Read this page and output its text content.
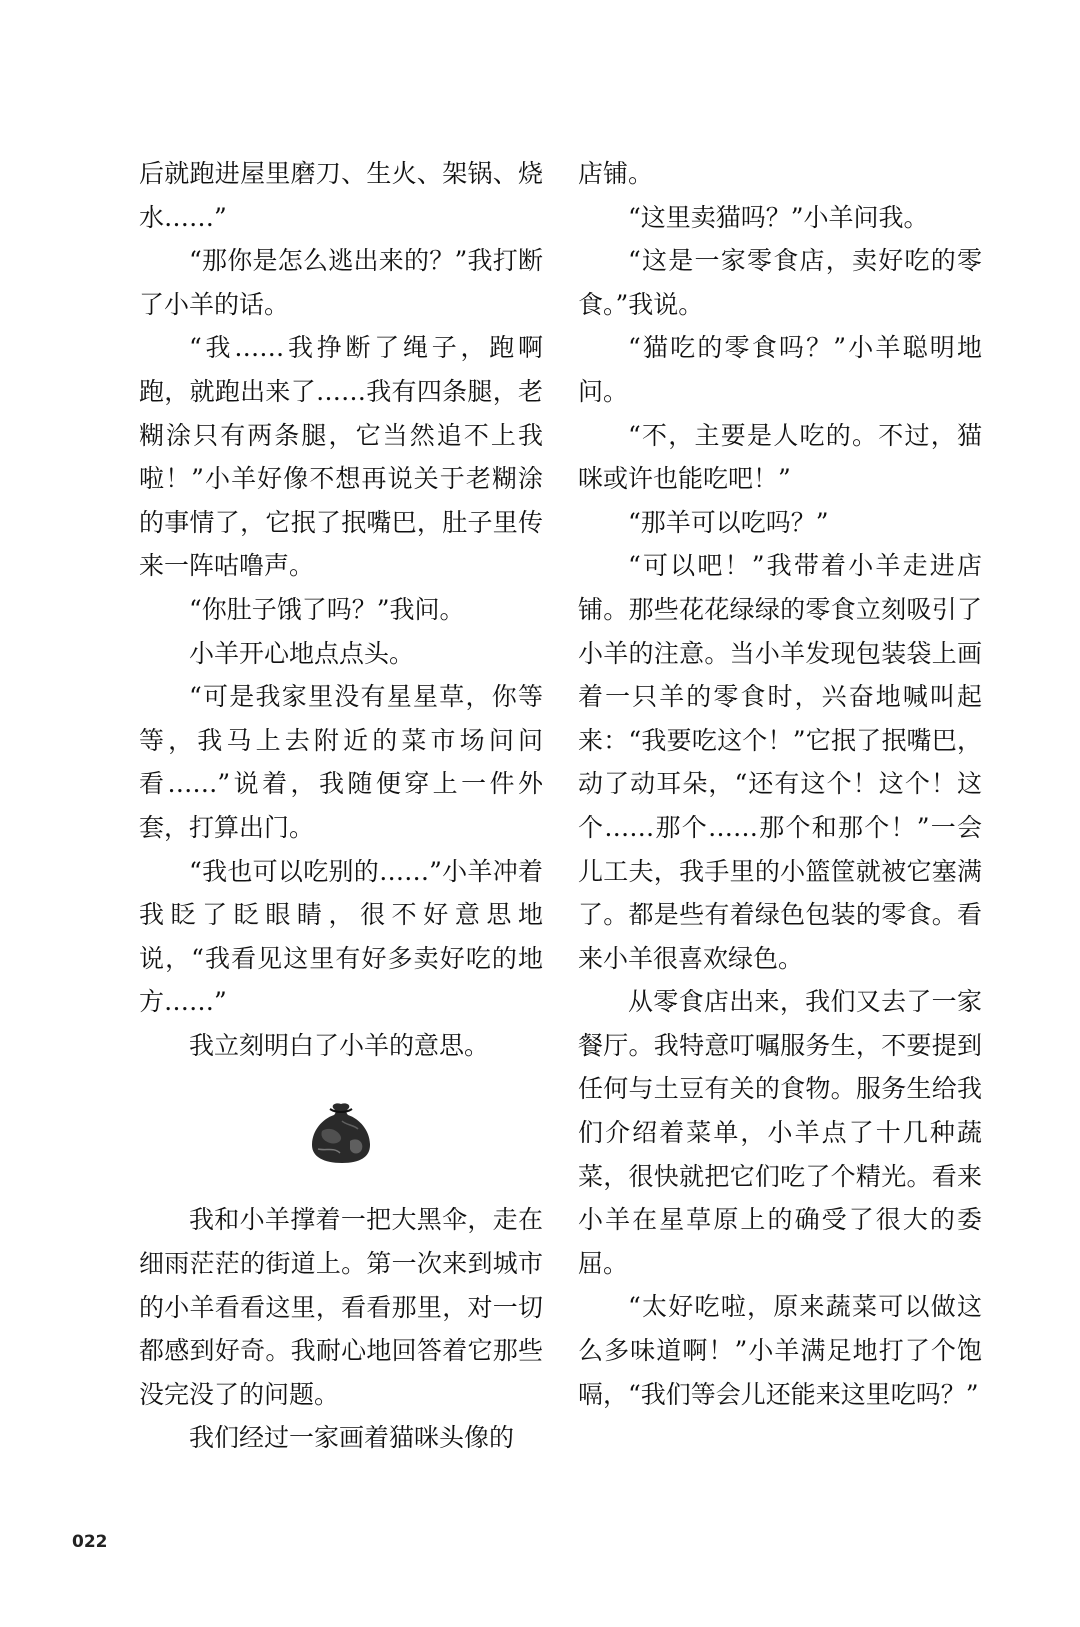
后就跑进屋里磨刀、生火、架锅、烧水……”

“那你是怎么逃出来的？”我打断了小羊的话。

“我……我挣断了绳子，跑啊跑，就跑出来了……我有四条腿，老糊涂只有两条腿，它当然追不上我啦！”小羊好像不想再说关于老糊涂的事情了，它抿了抿嘴巴，肚子里传来一阵咕噜声。

“你肚子饿了吗？”我问。

小羊开心地点点头。

“可是我家里没有星星草，你等等，我马上去附近的菜市场问问看……”说着，我随便穿上一件外套，打算出门。

“我也可以吃别的……”小羊冲着我眨了眨眼睛，很不好意思地说，“我看见这里有好多卖好吃的地方……”

我立刻明白了小羊的意思。

我和小羊撑着一把大黑伞，走在细雨茫茫的街道上。第一次来到城市的小羊看看这里，看看那里，对一切都感到好奇。我耐心地回答着它那些没完没了的问题。

我们经过一家画着猫咪头像的

店铺。

“这里卖猫吗？”小羊问我。

“这是一家零食店，卖好吃的零食。”我说。

“猫吃的零食吗？”小羊聪明地问。

“不，主要是人吃的。不过，猫咪或许也能吃吧！”

“那羊可以吃吗？”

“可以吧！”我带着小羊走进店铺。那些花花绿绿的零食立刻吸引了小羊的注意。当小羊发现包装袋上画着一只羊的零食时，兴奋地喊叫起来：“我要吃这个！”它抿了抿嘴巴，动了动耳朵，“还有这个！这个！这个……那个……那个和那个！”一会儿工夫，我手里的小篮筐就被它塞满了。都是些有着绿色包装的零食。看来小羊很喜欢绿色。

从零食店出来，我们又去了一家餐厅。我特意叮嘱服务生，不要提到任何与土豆有关的食物。服务生给我们介绍着菜单，小羊点了十几种蔬菜，很快就把它们吃了个精光。看来小羊在星草原上的确受了很大的委屈。

“太好吃啦，原来蔬菜可以做这么多味道啊！”小羊满足地打了个饱嗝，“我们等会儿还能来这里吃吗？”

022
